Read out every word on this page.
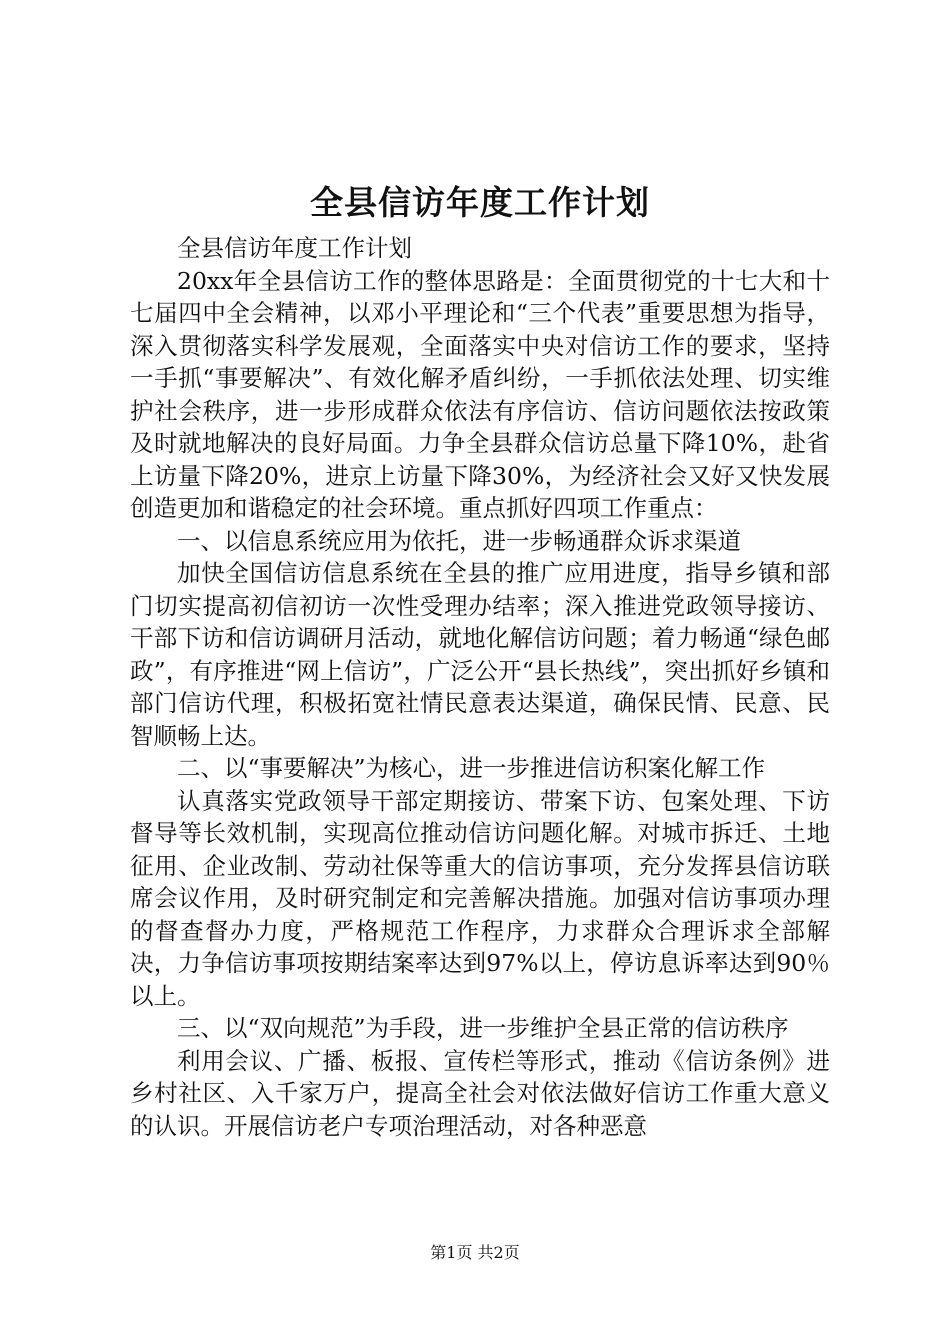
全县信访年度工作计划

全县信访年度工作计划

20xx年全县信访工作的整体思路是：全面贯彻党的十七大和十七届四中全会精神，以邓小平理论和“三个代表”重要思想为指导，深入贯彻落实科学发展观，全面落实中央对信访工作的要求，坚持一手抓“事要解决”、有效化解矛盾纠纷，一手抓依法处理、切实维护社会秩序，进一步形成群众依法有序信访、信访问题依法按政策及时就地解决的良好局面。力争全县群众信访总量下降10%，赴省上访量下降20%，进京上访量下降30%，为经济社会又好又快发展创造更加和谐稳定的社会环境。重点抓好四项工作重点：

一、以信息系统应用为依托，进一步畅通群众诉求渠道

加快全国信访信息系统在全县的推广应用进度，指导乡镇和部门切实提高初信初访一次性受理办结率；深入推进党政领导接访、干部下访和信访调研月活动，就地化解信访问题；着力畅通“绿色邮政”，有序推进“网上信访”，广泛公开“县长热线”，突出抓好乡镇和部门信访代理，积极拓宽社情民意表达渠道，确保民情、民意、民智顺畅上达。

二、以“事要解决”为核心，进一步推进信访积案化解工作

认真落实党政领导干部定期接访、带案下访、包案处理、下访督导等长效机制，实现高位推动信访问题化解。对城市拆迁、土地征用、企业改制、劳动社保等重大的信访事项，充分发挥县信访联席会议作用，及时研究制定和完善解决措施。加强对信访事项办理的督查督办力度，严格规范工作程序，力求群众合理诉求全部解决，力争信访事项按期结案率达到97%以上，停访息诉率达到90％以上。

三、以“双向规范”为手段，进一步维护全县正常的信访秩序

利用会议、广播、板报、宣传栏等形式，推动《信访条例》进乡村社区、入千家万户，提高全社会对依法做好信访工作重大意义的认识。开展信访老户专项治理活动，对各种恶意

第1页 共2页
